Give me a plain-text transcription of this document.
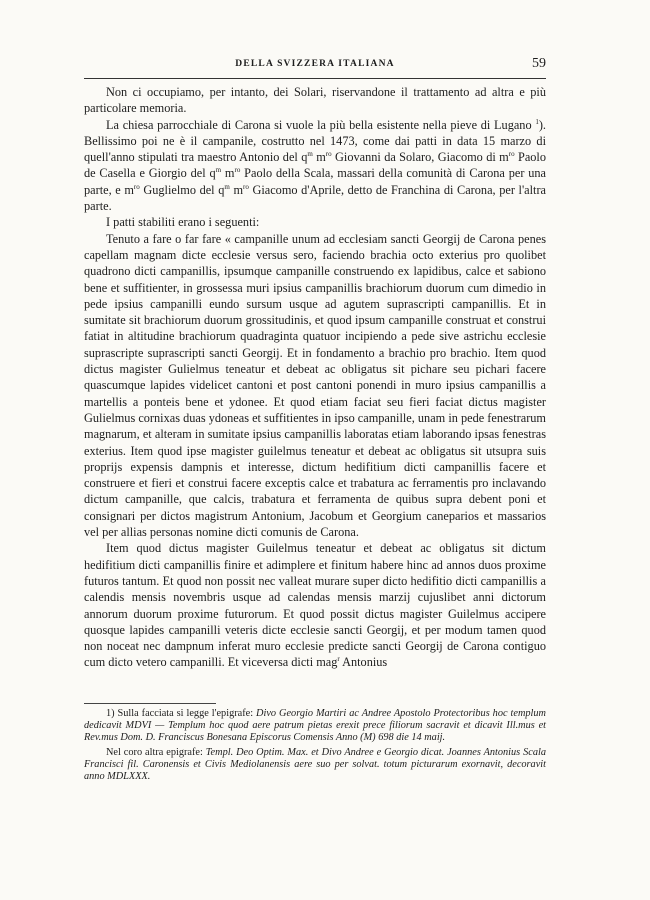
DELLA SVIZZERA ITALIANA	59

Non ci occupiamo, per intanto, dei Solari, riservandone il trattamento ad altra e più particolare memoria.

La chiesa parrocchiale di Carona si vuole la più bella esistente nella pieve di Lugano $^1$). Bellissimo poi ne è il campanile, costrutto nel 1473, come dai patti in data 15 marzo di quell'anno stipulati tra maestro Antonio del $q^m$ $m^{ro}$ Giovanni da Solaro, Giacomo di $m^{ro}$ Paolo de Casella e Giorgio del $q^m$ $m^{ro}$ Paolo della Scala, massari della comunità di Carona per una parte, e $m^{ro}$ Guglielmo del $q^m$ $m^{ro}$ Giacomo d'Aprile, detto de Franchina di Carona, per l'altra parte.

I patti stabiliti erano i seguenti:

Tenuto a fare o far fare « campanille unum ad ecclesiam sancti Georgij de Carona penes capellam magnam dicte ecclesie versus sero, faciendo brachia octo exterius pro quolibet quadrono dicti campanillis, ipsumque campanille construendo ex lapidibus, calce et sabiono bene et suffitienter, in grossessa muri ipsius campanillis brachiorum duorum cum dimedio in pede ipsius campanilli eundo sursum usque ad agutem suprascripti campanillis. Et in sumitate sit brachiorum duorum grossitudinis, et quod ipsum campanille construat et construi fatiat in altitudine brachiorum quadraginta quatuor incipiendo a pede sive astrichu ecclesie suprascripte suprascripti sancti Georgij. Et in fondamento a brachio pro brachio. Item quod dictus magister Gulielmus teneatur et debeat ac obligatus sit pichare seu pichari facere quascumque lapides videlicet cantoni et post cantoni ponendi in muro ipsius campanillis a martellis a ponteis bene et ydonee. Et quod etiam faciat seu fieri faciat dictus magister Gulielmus cornixas duas ydoneas et suffitientes in ipso campanille, unam in pede fenestrarum magnarum, et alteram in sumitate ipsius campanillis laboratas etiam laborando ipsas fenestras exterius. Item quod ipse magister guilelmus teneatur et debeat ac obligatus sit utsupra suis proprijs expensis dampnis et interesse, dictum hedifitium dicti campanillis facere et construere et fieri et construi facere exceptis calce et trabatura ac ferramentis pro inclavando dictum campanille, que calcis, trabatura et ferramenta de quibus supra debent poni et consignari per dictos magistrum Antonium, Jacobum et Georgium caneparios et massarios vel per allias personas nomine dicti comunis de Carona.

Item quod dictus magister Guilelmus teneatur et debeat ac obligatus sit dictum hedifitium dicti campanillis finire et adimplere et finitum habere hinc ad annos duos proxime futuros tantum. Et quod non possit nec valleat murare super dicto hedifitio dicti campanillis a calendis mensis novembris usque ad calendas mensis marzij cujuslibet anni dictorum annorum duorum proxime futurorum. Et quod possit dictus magister Guilelmus accipere quosque lapides campanilli veteris dicte ecclesie sancti Georgij, et per modum tamen quod non noceat nec dampnum inferat muro ecclesie predicte sancti Georgij de Carona contiguo cum dicto vetero campanilli. Et viceversa dicti mag$^r$ Antonius

1) Sulla facciata si legge l'epigrafe: Divo Georgio Martiri ac Andree Apostolo Protectoribus hoc templum dedicavit MDVI — Templum hoc quod aere patrum pietas erexit prece filiorum sacravit et dicavit Ill.mus et Rev.mus Dom. D. Franciscus Bonesana Episcorus Comensis Anno (M) 698 die 14 maij.

Nel coro altra epigrafe: Templ. Deo Optim. Max. et Divo Andree e Georgio dicat. Joannes Antonius Scala Francisci fil. Caronensis et Civis Mediolanensis aere suo per solvat. totum picturarum exornavit, decoravit anno MDLXXX.
